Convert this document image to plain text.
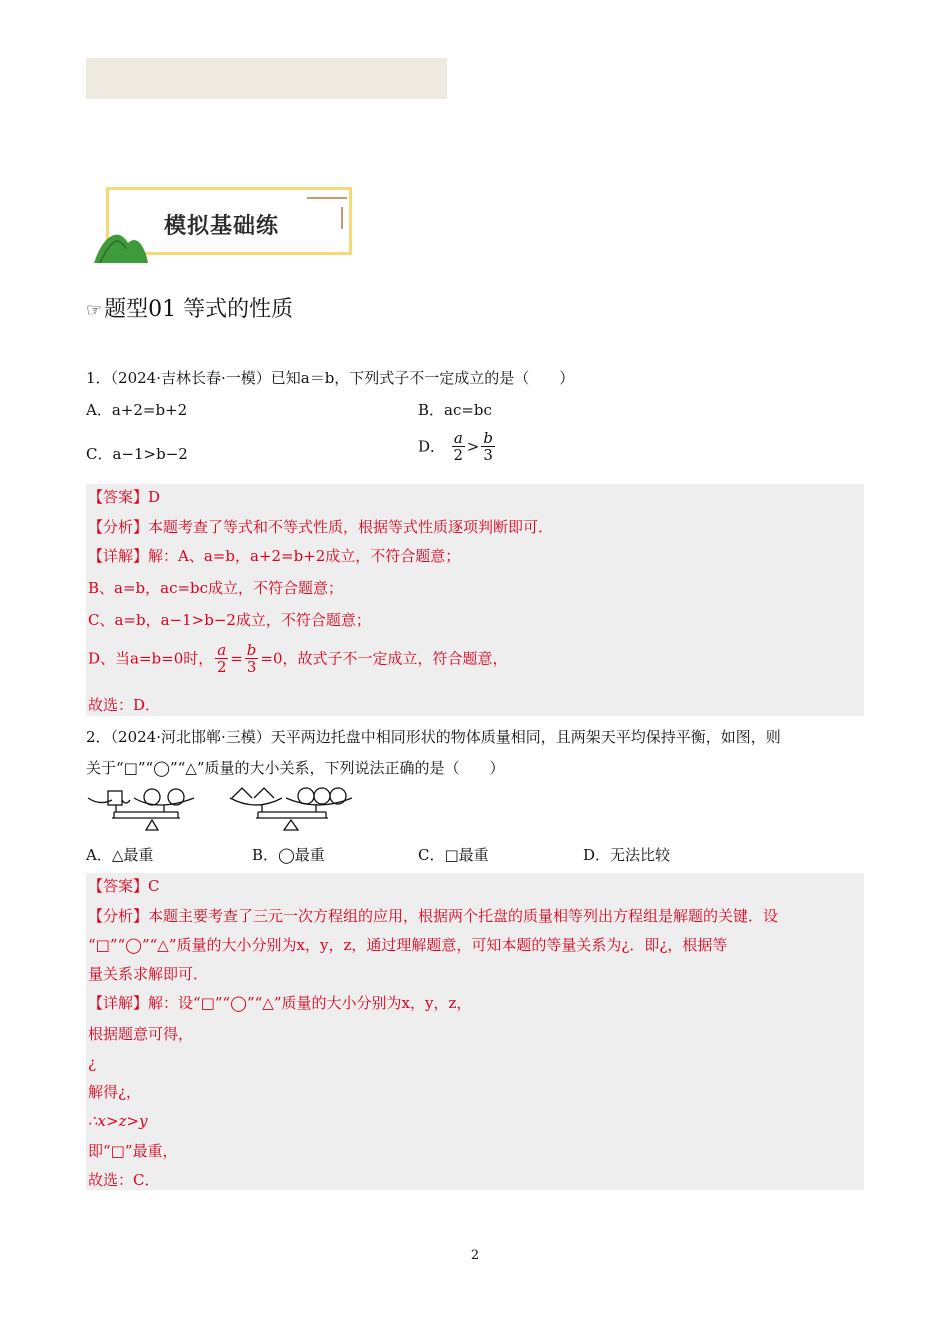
模拟基础练
☞题型01 等式的性质
1．（2024·吉林长春·一模）已知a＝b，下列式子不一定成立的是（　　）
A．a+2=b+2	B．ac=bc
C．a−1>b−2	D． $\frac{a}{2} > \frac{b}{3}$
【答案】D
【分析】本题考查了等式和不等式性质，根据等式性质逐项判断即可．
【详解】解：A、a=b，a+2=b+2成立，不符合题意；
B、a=b，ac=bc成立，不符合题意；
C、a=b，a−1>b−2成立，不符合题意；
D、当a=b=0时， $\frac{a}{2} = \frac{b}{3} =0$，故式子不一定成立，符合题意，
故选：D．
2．（2024·河北邯郸·三模）天平两边托盘中相同形状的物体质量相同，且两架天平均保持平衡，如图，则
关于“□”“◯”“△”质量的大小关系，下列说法正确的是（　　）
A．△最重	B．◯最重	C．□最重	D．无法比较
【答案】C
【分析】本题主要考查了三元一次方程组的应用，根据两个托盘的质量相等列出方程组是解题的关键．设
“□”“◯”“△”质量的大小分别为x，y，z，通过理解题意，可知本题的等量关系为¿．即¿，根据等
量关系求解即可．
【详解】解：设“□”“◯”“△”质量的大小分别为x，y，z，
根据题意可得，
¿
解得¿，
∴x>z>y
即“□”最重，
故选：C．
2
